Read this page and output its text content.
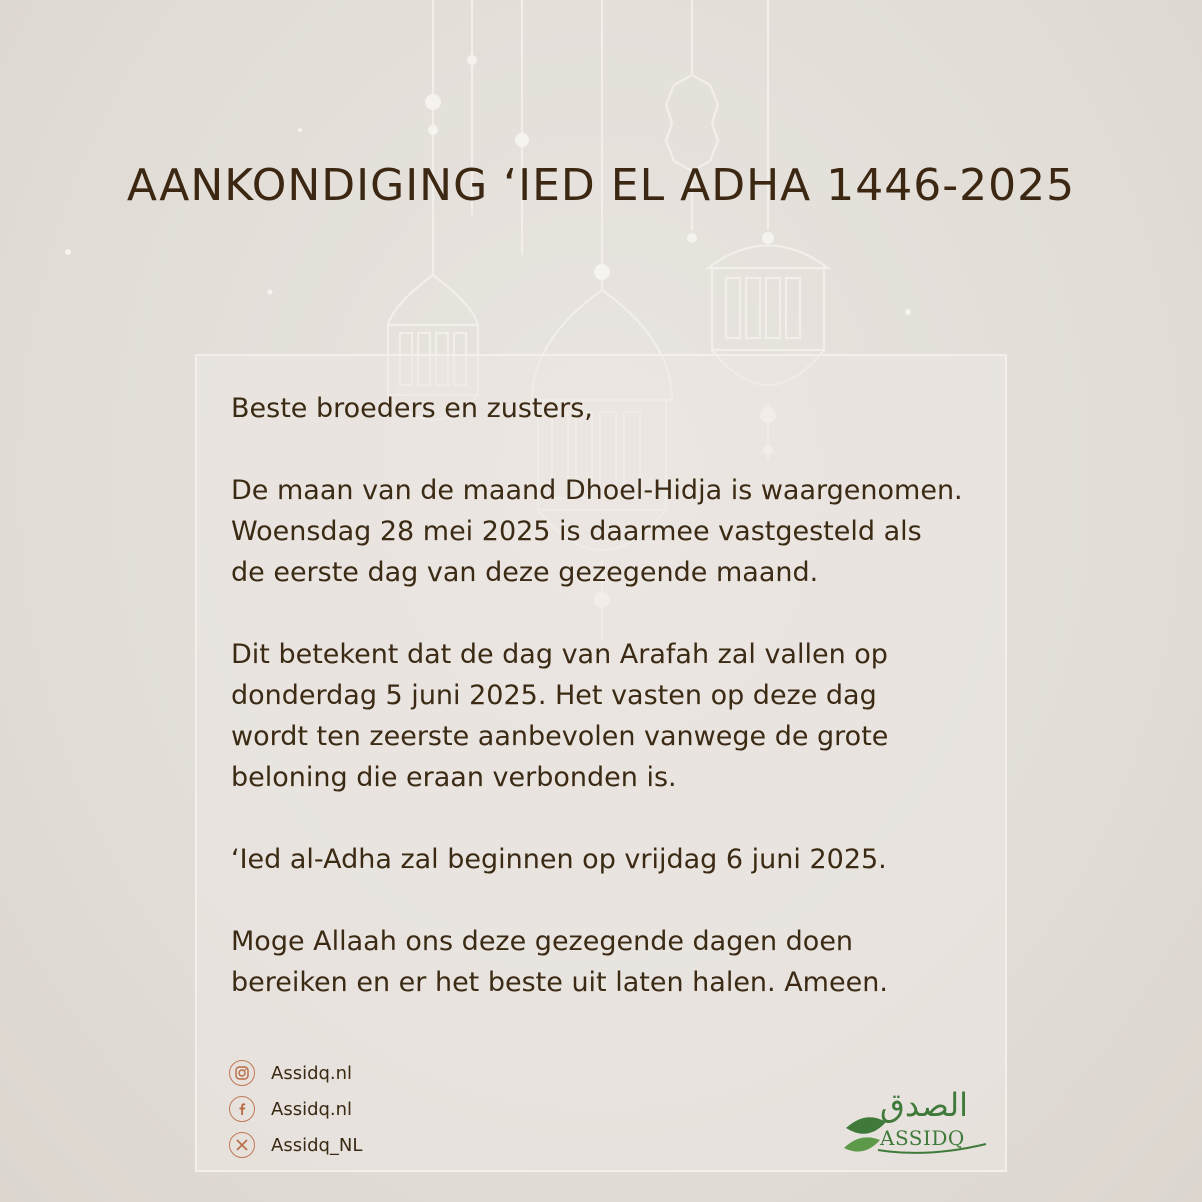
AANKONDIGING ‘IED EL ADHA 1446-2025

Beste broeders en zusters,

De maan van de maand Dhoel-Hidja is waargenomen.
Woensdag 28 mei 2025 is daarmee vastgesteld als
de eerste dag van deze gezegende maand.

Dit betekent dat de dag van Arafah zal vallen op
donderdag 5 juni 2025. Het vasten op deze dag
wordt ten zeerste aanbevolen vanwege de grote
beloning die eraan verbonden is.

‘Ied al-Adha zal beginnen op vrijdag 6 juni 2025.

Moge Allaah ons deze gezegende dagen doen
bereiken en er het beste uit laten halen. Ameen.

Assidq.nl
Assidq.nl
Assidq_NL
الصدق
ASSIDQ
